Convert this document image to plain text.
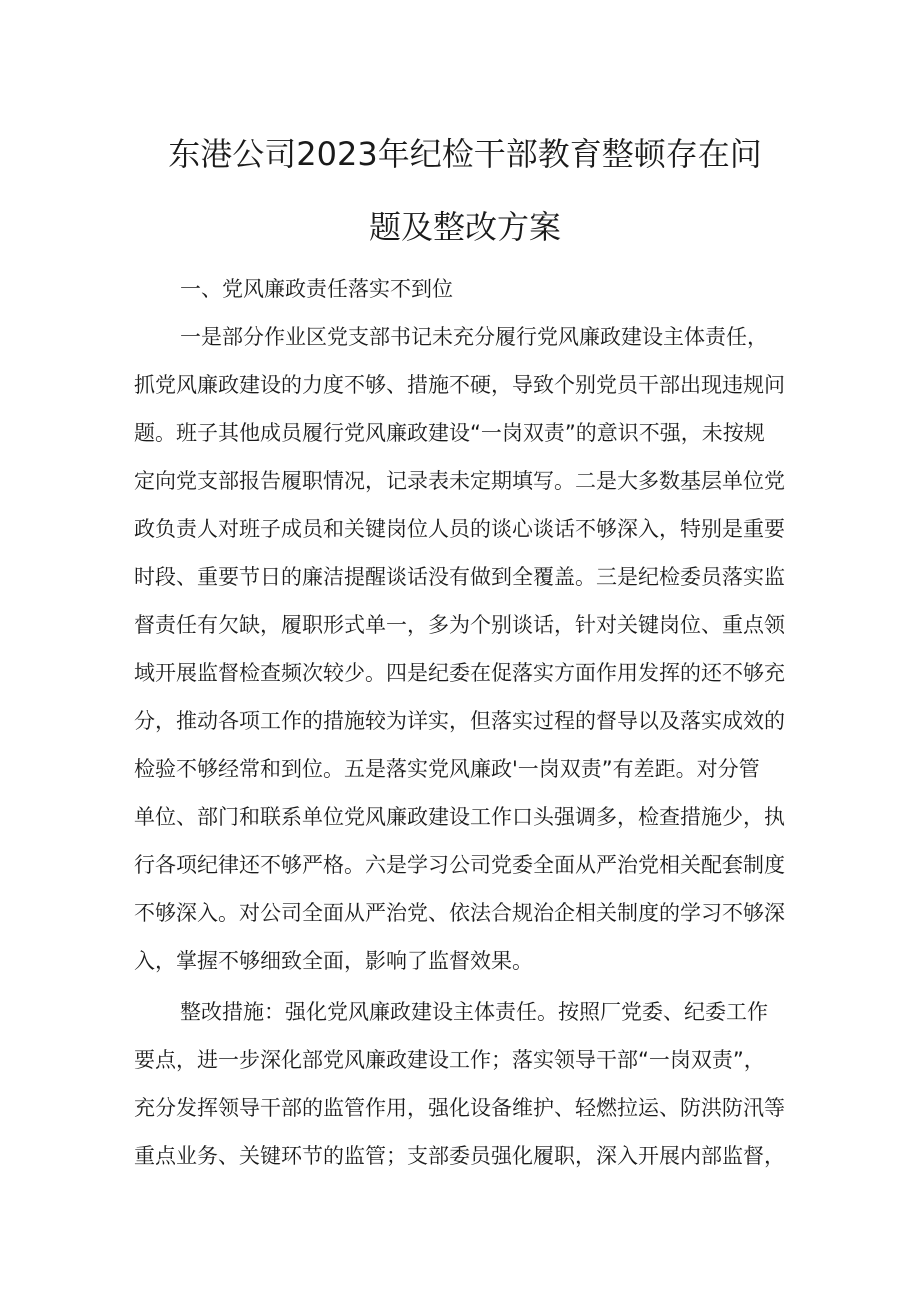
东港公司2023年纪检干部教育整顿存在问
题及整改方案

一、党风廉政责任落实不到位

一是部分作业区党支部书记未充分履行党风廉政建设主体责任，

抓党风廉政建设的力度不够、措施不硬，导致个别党员干部出现违规问

题。班子其他成员履行党风廉政建设“一岗双责”的意识不强，未按规

定向党支部报告履职情况，记录表未定期填写。二是大多数基层单位党

政负责人对班子成员和关键岗位人员的谈心谈话不够深入，特别是重要

时段、重要节日的廉洁提醒谈话没有做到全覆盖。三是纪检委员落实监

督责任有欠缺，履职形式单一，多为个别谈话，针对关键岗位、重点领

域开展监督检查频次较少。四是纪委在促落实方面作用发挥的还不够充

分，推动各项工作的措施较为详实，但落实过程的督导以及落实成效的

检验不够经常和到位。五是落实党风廉政'一岗双责”有差距。对分管

单位、部门和联系单位党风廉政建设工作口头强调多，检查措施少，执

行各项纪律还不够严格。六是学习公司党委全面从严治党相关配套制度

不够深入。对公司全面从严治党、依法合规治企相关制度的学习不够深

入，掌握不够细致全面，影响了监督效果。

整改措施：强化党风廉政建设主体责任。按照厂党委、纪委工作

要点，进一步深化部党风廉政建设工作；落实领导干部“一岗双责”，

充分发挥领导干部的监管作用，强化设备维护、轻燃拉运、防洪防汛等

重点业务、关键环节的监管；支部委员强化履职，深入开展内部监督，
